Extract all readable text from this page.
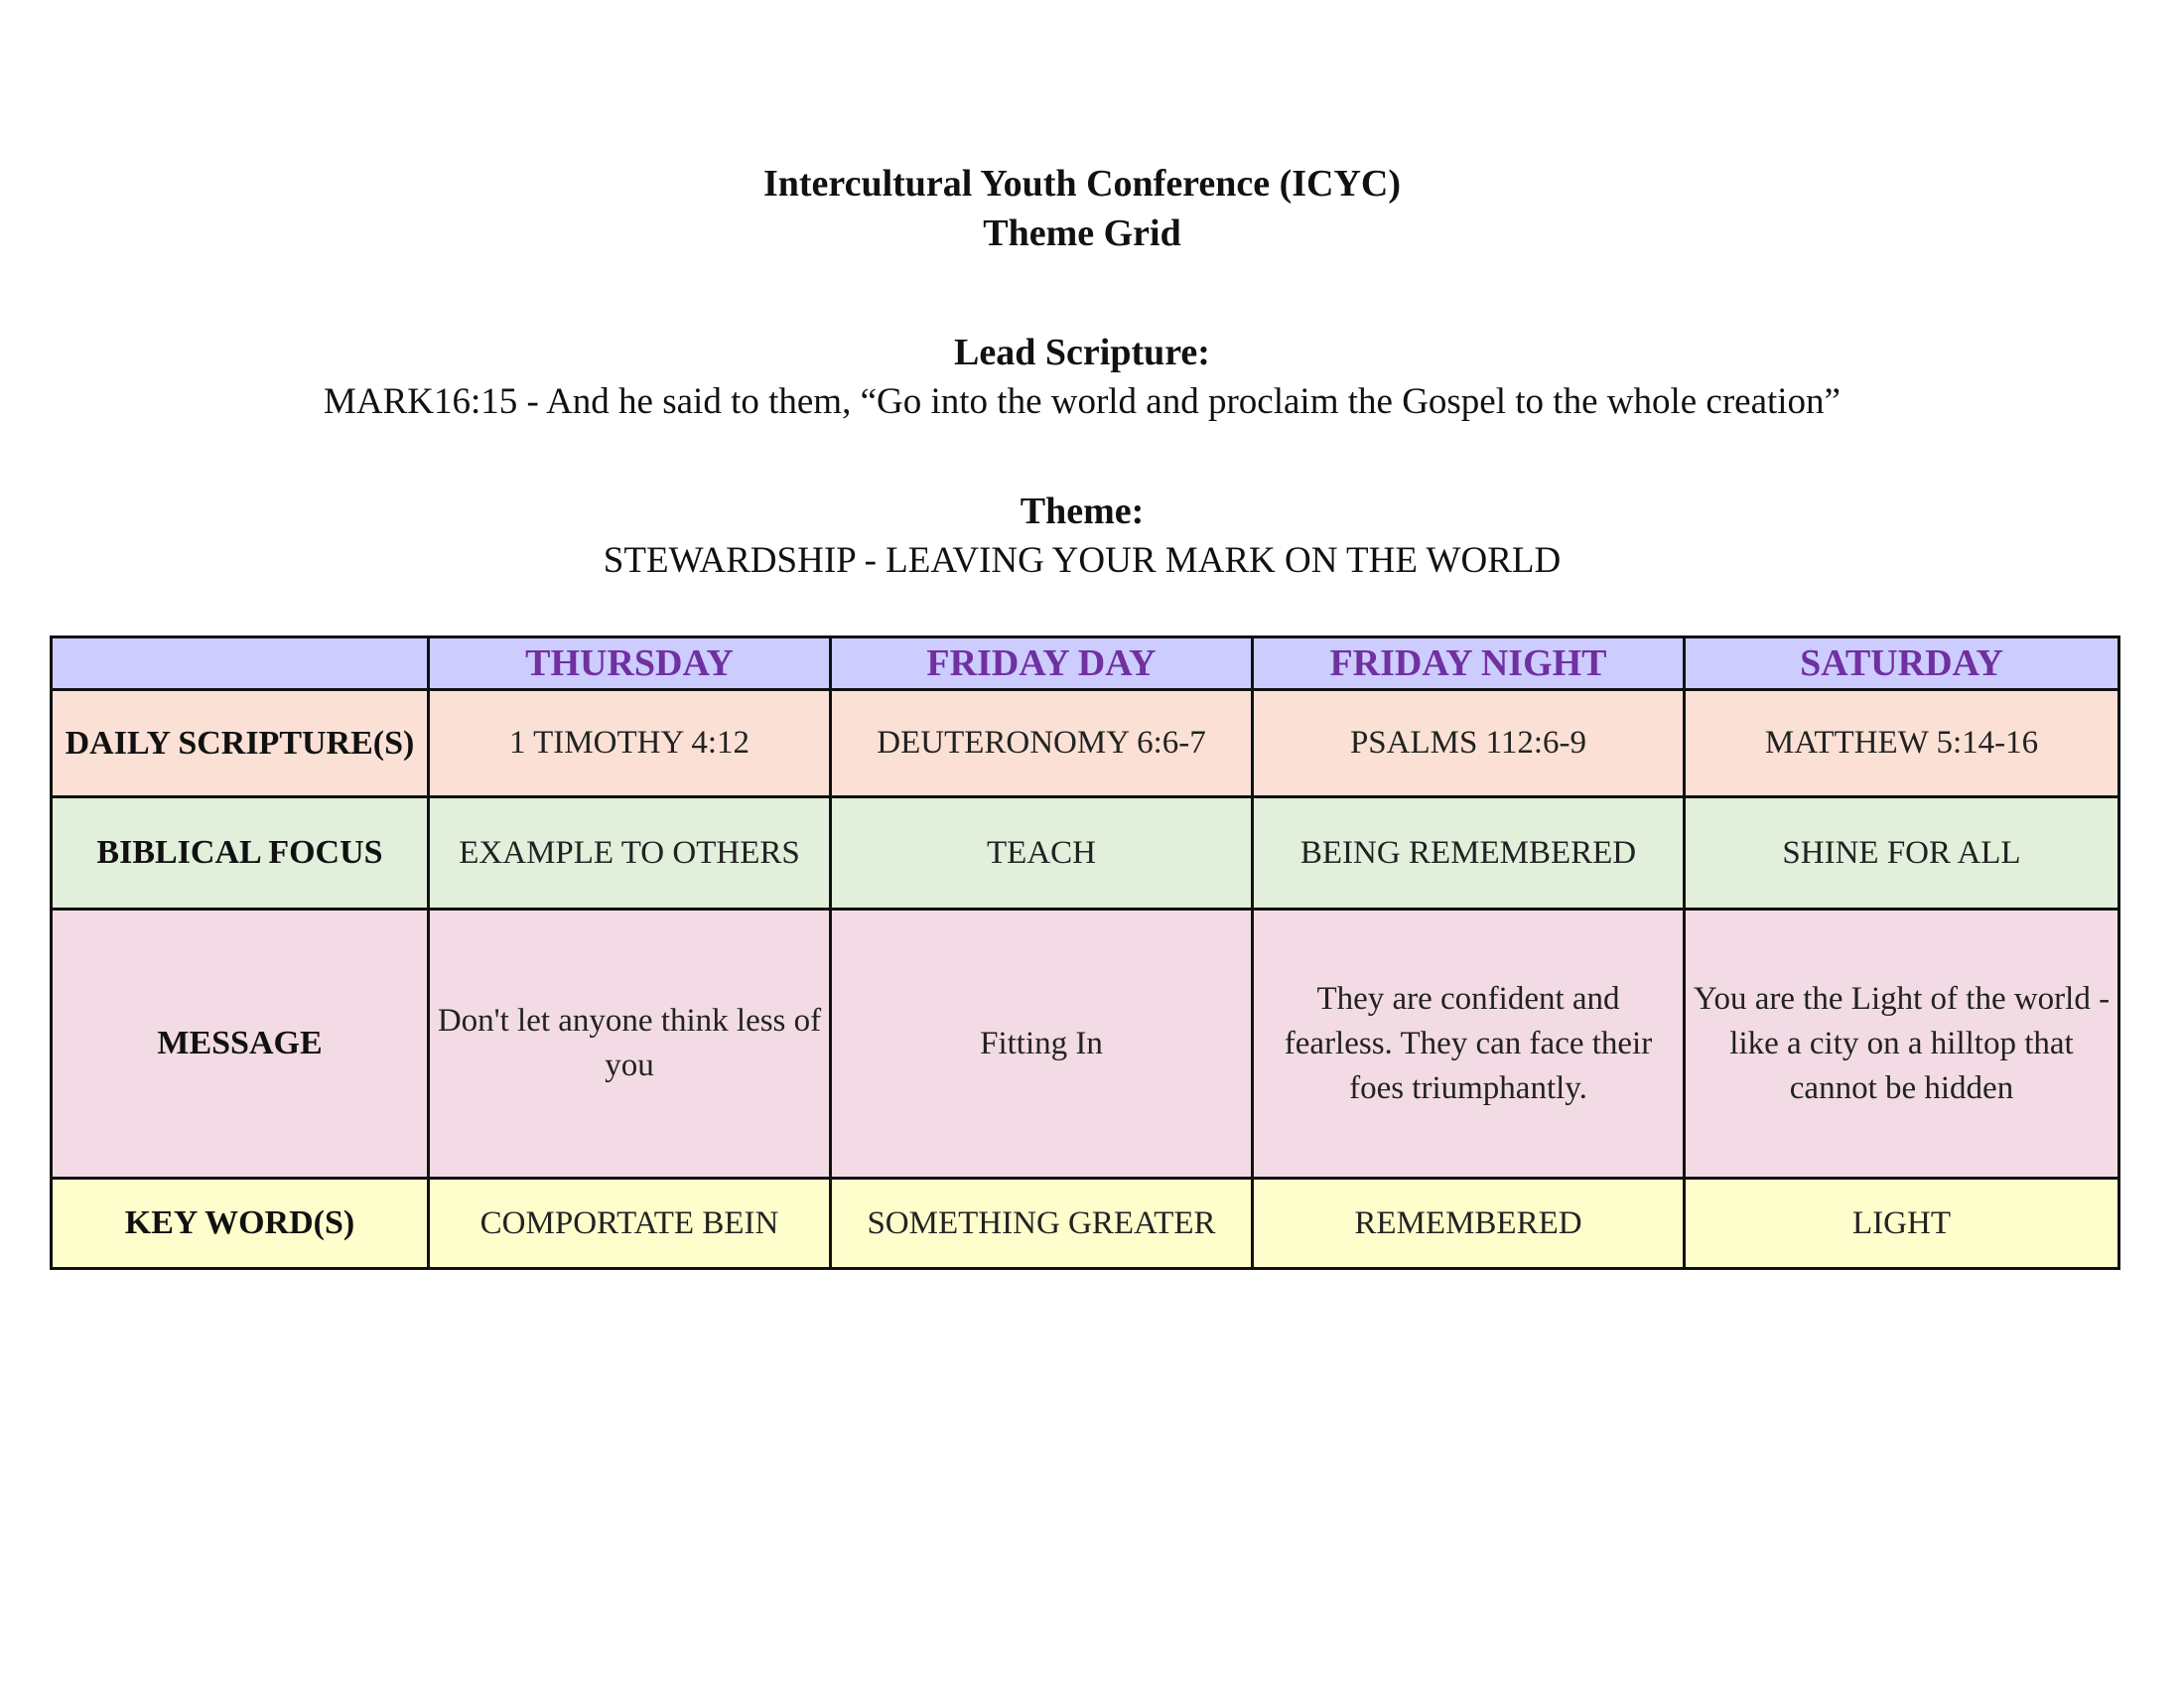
Intercultural Youth Conference (ICYC)
Theme Grid
Lead Scripture:
MARK16:15 - And he said to them, “Go into the world and proclaim the Gospel to the whole creation”
Theme:
STEWARDSHIP - LEAVING YOUR MARK ON THE WORLD
	THURSDAY	FRIDAY DAY	FRIDAY NIGHT	SATURDAY
DAILY SCRIPTURE(S)	1 TIMOTHY 4:12	DEUTERONOMY 6:6-7	PSALMS 112:6-9	MATTHEW 5:14-16
BIBLICAL FOCUS	EXAMPLE TO OTHERS	TEACH	BEING REMEMBERED	SHINE FOR ALL
MESSAGE	Don't let anyone think less of you	Fitting In	They are confident and fearless. They can face their foes triumphantly.	You are the Light of the world - like a city on a hilltop that cannot be hidden
KEY WORD(S)	COMPORTATE BEIN	SOMETHING GREATER	REMEMBERED	LIGHT
